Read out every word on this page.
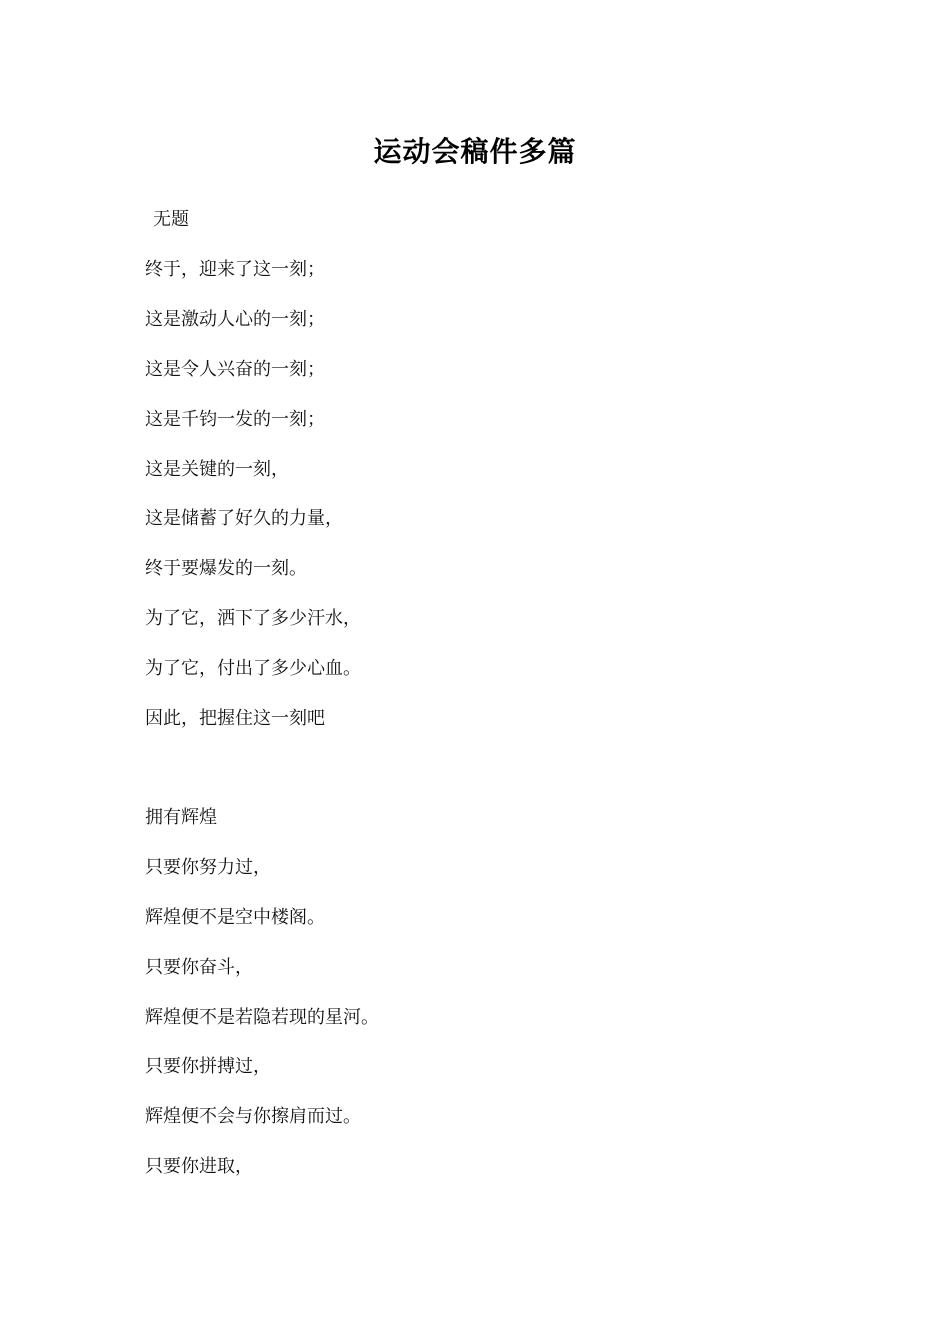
运动会稿件多篇
无题
终于，迎来了这一刻；
这是激动人心的一刻；
这是令人兴奋的一刻；
这是千钧一发的一刻；
这是关键的一刻，
这是储蓄了好久的力量，
终于要爆发的一刻。
为了它，洒下了多少汗水，
为了它，付出了多少心血。
因此，把握住这一刻吧
拥有辉煌
只要你努力过，
辉煌便不是空中楼阁。
只要你奋斗，
辉煌便不是若隐若现的星河。
只要你拼搏过，
辉煌便不会与你擦肩而过。
只要你进取，
